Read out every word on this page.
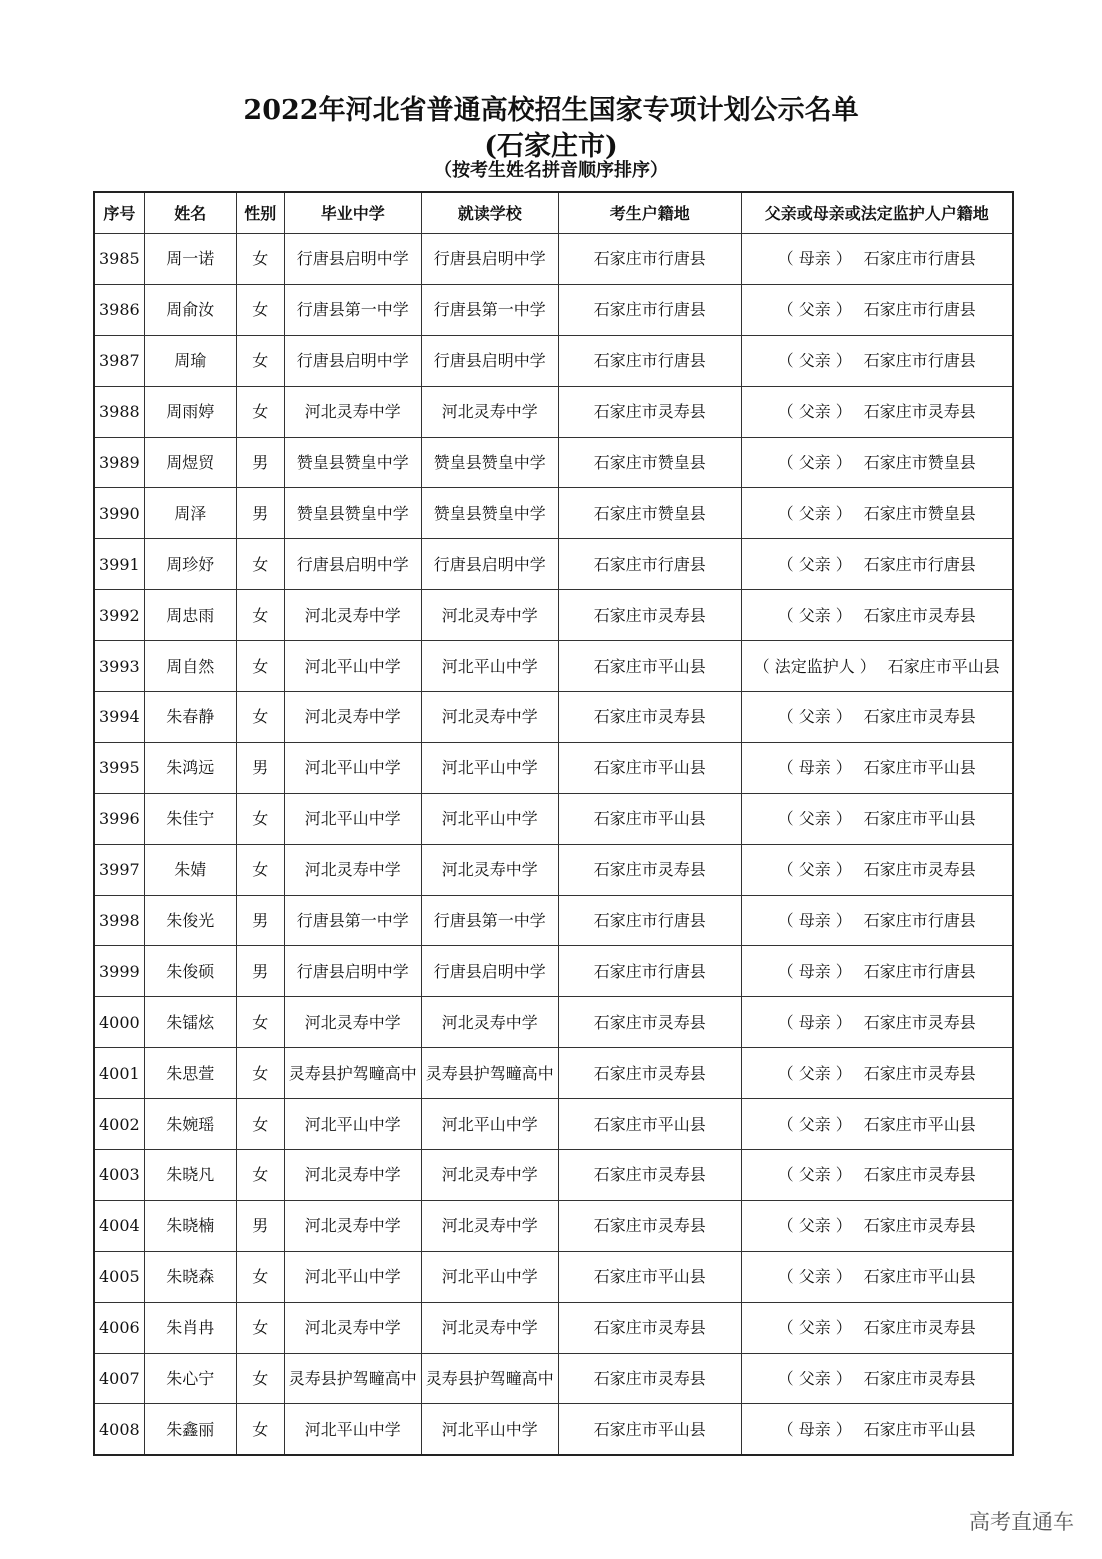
2022年河北省普通高校招生国家专项计划公示名单
(石家庄市)
（按考生姓名拼音顺序排序）
序号	姓名	性别	毕业中学	就读学校	考生户籍地	父亲或母亲或法定监护人户籍地
3985	周一诺	女	行唐县启明中学	行唐县启明中学	石家庄市行唐县	（ 母亲 ） 石家庄市行唐县
3986	周俞汝	女	行唐县第一中学	行唐县第一中学	石家庄市行唐县	（ 父亲 ） 石家庄市行唐县
3987	周瑜	女	行唐县启明中学	行唐县启明中学	石家庄市行唐县	（ 父亲 ） 石家庄市行唐县
3988	周雨婷	女	河北灵寿中学	河北灵寿中学	石家庄市灵寿县	（ 父亲 ） 石家庄市灵寿县
3989	周煜贸	男	赞皇县赞皇中学	赞皇县赞皇中学	石家庄市赞皇县	（ 父亲 ） 石家庄市赞皇县
3990	周泽	男	赞皇县赞皇中学	赞皇县赞皇中学	石家庄市赞皇县	（ 父亲 ） 石家庄市赞皇县
3991	周珍妤	女	行唐县启明中学	行唐县启明中学	石家庄市行唐县	（ 父亲 ） 石家庄市行唐县
3992	周忠雨	女	河北灵寿中学	河北灵寿中学	石家庄市灵寿县	（ 父亲 ） 石家庄市灵寿县
3993	周自然	女	河北平山中学	河北平山中学	石家庄市平山县	（ 法定监护人 ） 石家庄市平山县
3994	朱春静	女	河北灵寿中学	河北灵寿中学	石家庄市灵寿县	（ 父亲 ） 石家庄市灵寿县
3995	朱鸿远	男	河北平山中学	河北平山中学	石家庄市平山县	（ 母亲 ） 石家庄市平山县
3996	朱佳宁	女	河北平山中学	河北平山中学	石家庄市平山县	（ 父亲 ） 石家庄市平山县
3997	朱婧	女	河北灵寿中学	河北灵寿中学	石家庄市灵寿县	（ 父亲 ） 石家庄市灵寿县
3998	朱俊光	男	行唐县第一中学	行唐县第一中学	石家庄市行唐县	（ 母亲 ） 石家庄市行唐县
3999	朱俊硕	男	行唐县启明中学	行唐县启明中学	石家庄市行唐县	（ 母亲 ） 石家庄市行唐县
4000	朱镭炫	女	河北灵寿中学	河北灵寿中学	石家庄市灵寿县	（ 母亲 ） 石家庄市灵寿县
4001	朱思萱	女	灵寿县护驾疃高中	灵寿县护驾疃高中	石家庄市灵寿县	（ 父亲 ） 石家庄市灵寿县
4002	朱婉瑶	女	河北平山中学	河北平山中学	石家庄市平山县	（ 父亲 ） 石家庄市平山县
4003	朱晓凡	女	河北灵寿中学	河北灵寿中学	石家庄市灵寿县	（ 父亲 ） 石家庄市灵寿县
4004	朱晓楠	男	河北灵寿中学	河北灵寿中学	石家庄市灵寿县	（ 父亲 ） 石家庄市灵寿县
4005	朱晓森	女	河北平山中学	河北平山中学	石家庄市平山县	（ 父亲 ） 石家庄市平山县
4006	朱肖冉	女	河北灵寿中学	河北灵寿中学	石家庄市灵寿县	（ 父亲 ） 石家庄市灵寿县
4007	朱心宁	女	灵寿县护驾疃高中	灵寿县护驾疃高中	石家庄市灵寿县	（ 父亲 ） 石家庄市灵寿县
4008	朱鑫丽	女	河北平山中学	河北平山中学	石家庄市平山县	（ 母亲 ） 石家庄市平山县
高考直通车
